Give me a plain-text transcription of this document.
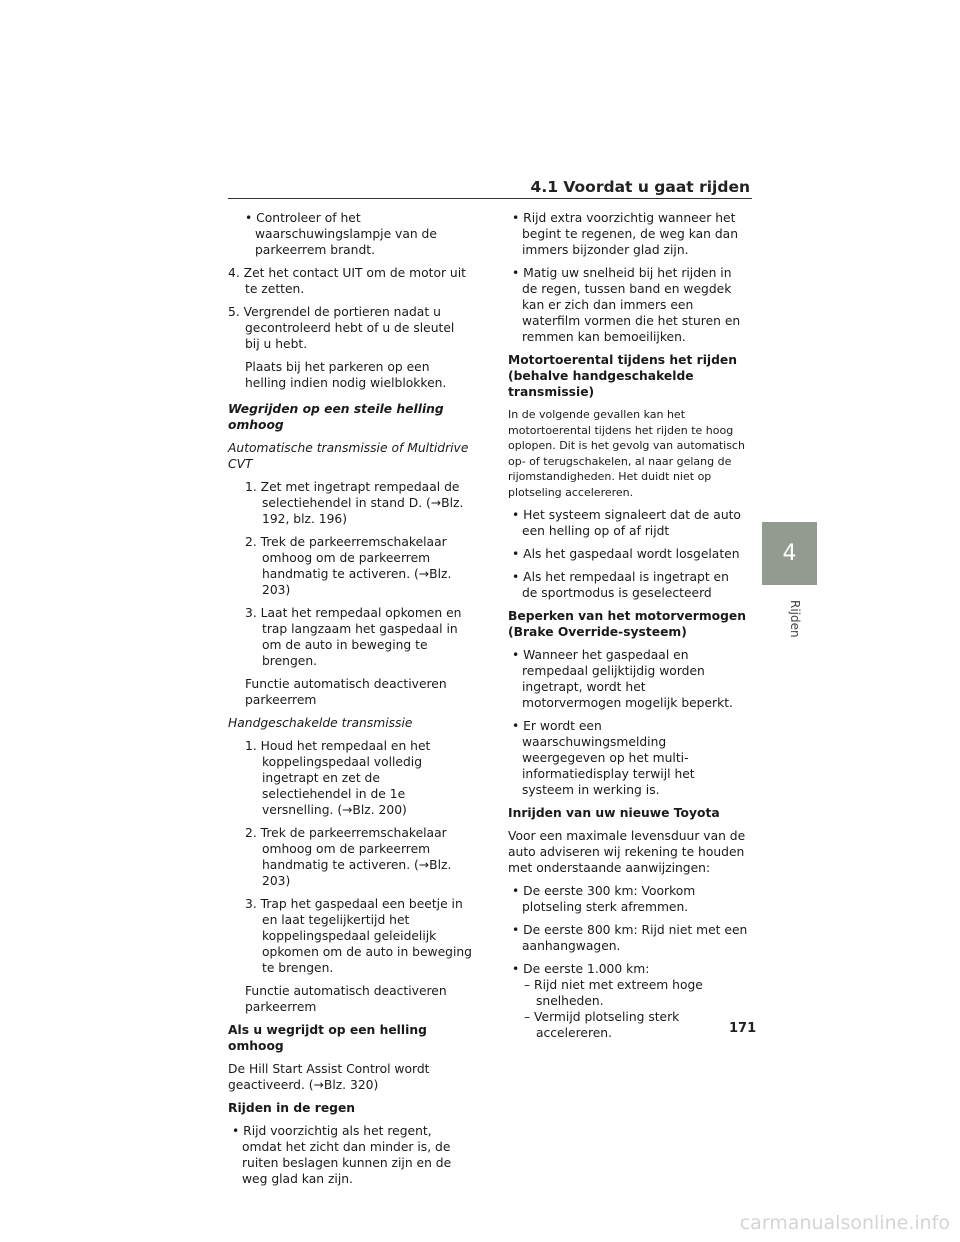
4.1 Voordat u gaat rijden
4
Rijden

• Controleer of het waarschuwingslampje van de parkeerrem brandt.

4. Zet het contact UIT om de motor uit te zetten.

5. Vergrendel de portieren nadat u gecontroleerd hebt of u de sleutel bij u hebt.

Plaats bij het parkeren op een helling indien nodig wielblokken.

Wegrijden op een steile helling omhoog

Automatische transmissie of Multidrive CVT

1. Zet met ingetrapt rempedaal de selectiehendel in stand D. (→Blz. 192, blz. 196)

2. Trek de parkeerremschakelaar omhoog om de parkeerrem handmatig te activeren. (→Blz. 203)

3. Laat het rempedaal opkomen en trap langzaam het gaspedaal in om de auto in beweging te brengen.

Functie automatisch deactiveren parkeerrem

Handgeschakelde transmissie

1. Houd het rempedaal en het koppelingspedaal volledig ingetrapt en zet de selectiehendel in de 1e versnelling. (→Blz. 200)

2. Trek de parkeerremschakelaar omhoog om de parkeerrem handmatig te activeren. (→Blz. 203)

3. Trap het gaspedaal een beetje in en laat tegelijkertijd het koppelingspedaal geleidelijk opkomen om de auto in beweging te brengen.

Functie automatisch deactiveren parkeerrem

Als u wegrijdt op een helling omhoog

De Hill Start Assist Control wordt geactiveerd. (→Blz. 320)

Rijden in de regen

• Rijd voorzichtig als het regent, omdat het zicht dan minder is, de ruiten beslagen kunnen zijn en de weg glad kan zijn.

• Rijd extra voorzichtig wanneer het begint te regenen, de weg kan dan immers bijzonder glad zijn.

• Matig uw snelheid bij het rijden in de regen, tussen band en wegdek kan er zich dan immers een waterfilm vormen die het sturen en remmen kan bemoeilijken.

Motortoerental tijdens het rijden (behalve handgeschakelde transmissie)

In de volgende gevallen kan het motortoerental tijdens het rijden te hoog oplopen. Dit is het gevolg van automatisch op- of terugschakelen, al naar gelang de rijomstandigheden. Het duidt niet op plotseling accelereren.

• Het systeem signaleert dat de auto een helling op of af rijdt

• Als het gaspedaal wordt losgelaten

• Als het rempedaal is ingetrapt en de sportmodus is geselecteerd

Beperken van het motorvermogen (Brake Override-systeem)

• Wanneer het gaspedaal en rempedaal gelijktijdig worden ingetrapt, wordt het motorvermogen mogelijk beperkt.

• Er wordt een waarschuwingsmelding weergegeven op het multi-informatiedisplay terwijl het systeem in werking is.

Inrijden van uw nieuwe Toyota

Voor een maximale levensduur van de auto adviseren wij rekening te houden met onderstaande aanwijzingen:

• De eerste 300 km: Voorkom plotseling sterk afremmen.

• De eerste 800 km: Rijd niet met een aanhangwagen.

• De eerste 1.000 km:

– Rijd niet met extreem hoge snelheden.

– Vermijd plotseling sterk accelereren.	171
carmanualsonline.info
